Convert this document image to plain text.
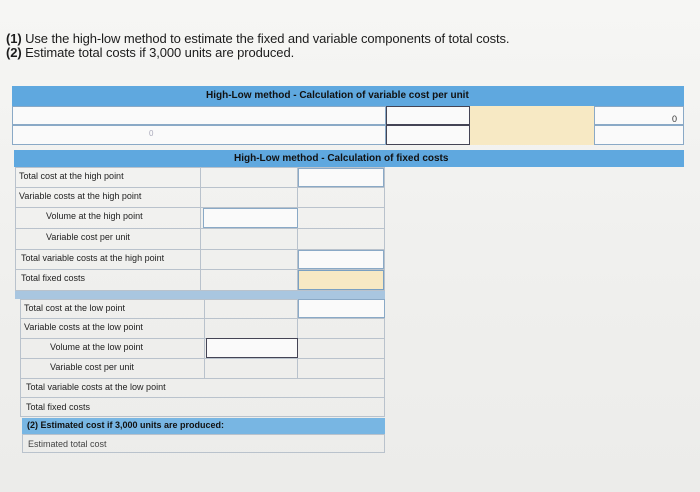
(1) Use the high-low method to estimate the fixed and variable components of total costs.
(2) Estimate total costs if 3,000 units are produced.
High-Low method - Calculation of variable cost per unit
0
0
High-Low method - Calculation of fixed costs
Total cost at the high point
Variable costs at the high point
Volume at the high point
Variable cost per unit
Total variable costs at the high point
Total fixed costs
Total cost at the low point
Variable costs at the low point
Volume at the low point
Variable cost per unit
Total variable costs at the low point
Total fixed costs
(2) Estimated cost if 3,000 units are produced:
Estimated total cost
